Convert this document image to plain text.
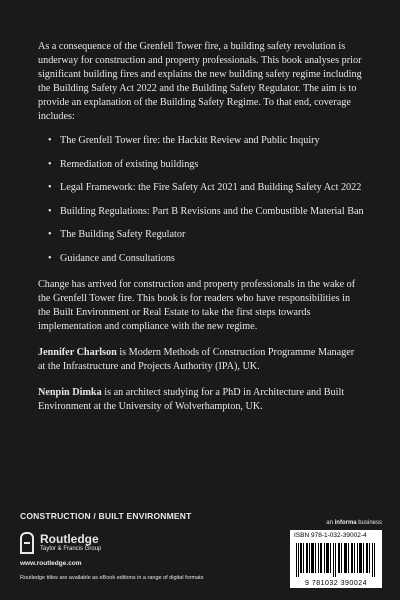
As a consequence of the Grenfell Tower fire, a building safety revolution is underway for construction and property professionals. This book analyses prior significant building fires and explains the new building safety regime including the Building Safety Act 2022 and the Building Safety Regulator. The aim is to provide an explanation of the Building Safety Regime. To that end, coverage includes:

• The Grenfell Tower fire: the Hackitt Review and Public Inquiry
• Remediation of existing buildings
• Legal Framework: the Fire Safety Act 2021 and Building Safety Act 2022
• Building Regulations: Part B Revisions and the Combustible Material Ban
• The Building Safety Regulator
• Guidance and Consultations

Change has arrived for construction and property professionals in the wake of the Grenfell Tower fire. This book is for readers who have responsibilities in the Built Environment or Real Estate to take the first steps towards implementation and compliance with the new regime.

Jennifer Charlson is Modern Methods of Construction Programme Manager at the Infrastructure and Projects Authority (IPA), UK.

Nenpin Dimka is an architect studying for a PhD in Architecture and Built Environment at the University of Wolverhampton, UK.

CONSTRUCTION / BUILT ENVIRONMENT
Routledge
Taylor & Francis Group
www.routledge.com
Routledge titles are available as eBook editions in a range of digital formats
an informa business
ISBN 978-1-032-39002-4
9 781032 390024
